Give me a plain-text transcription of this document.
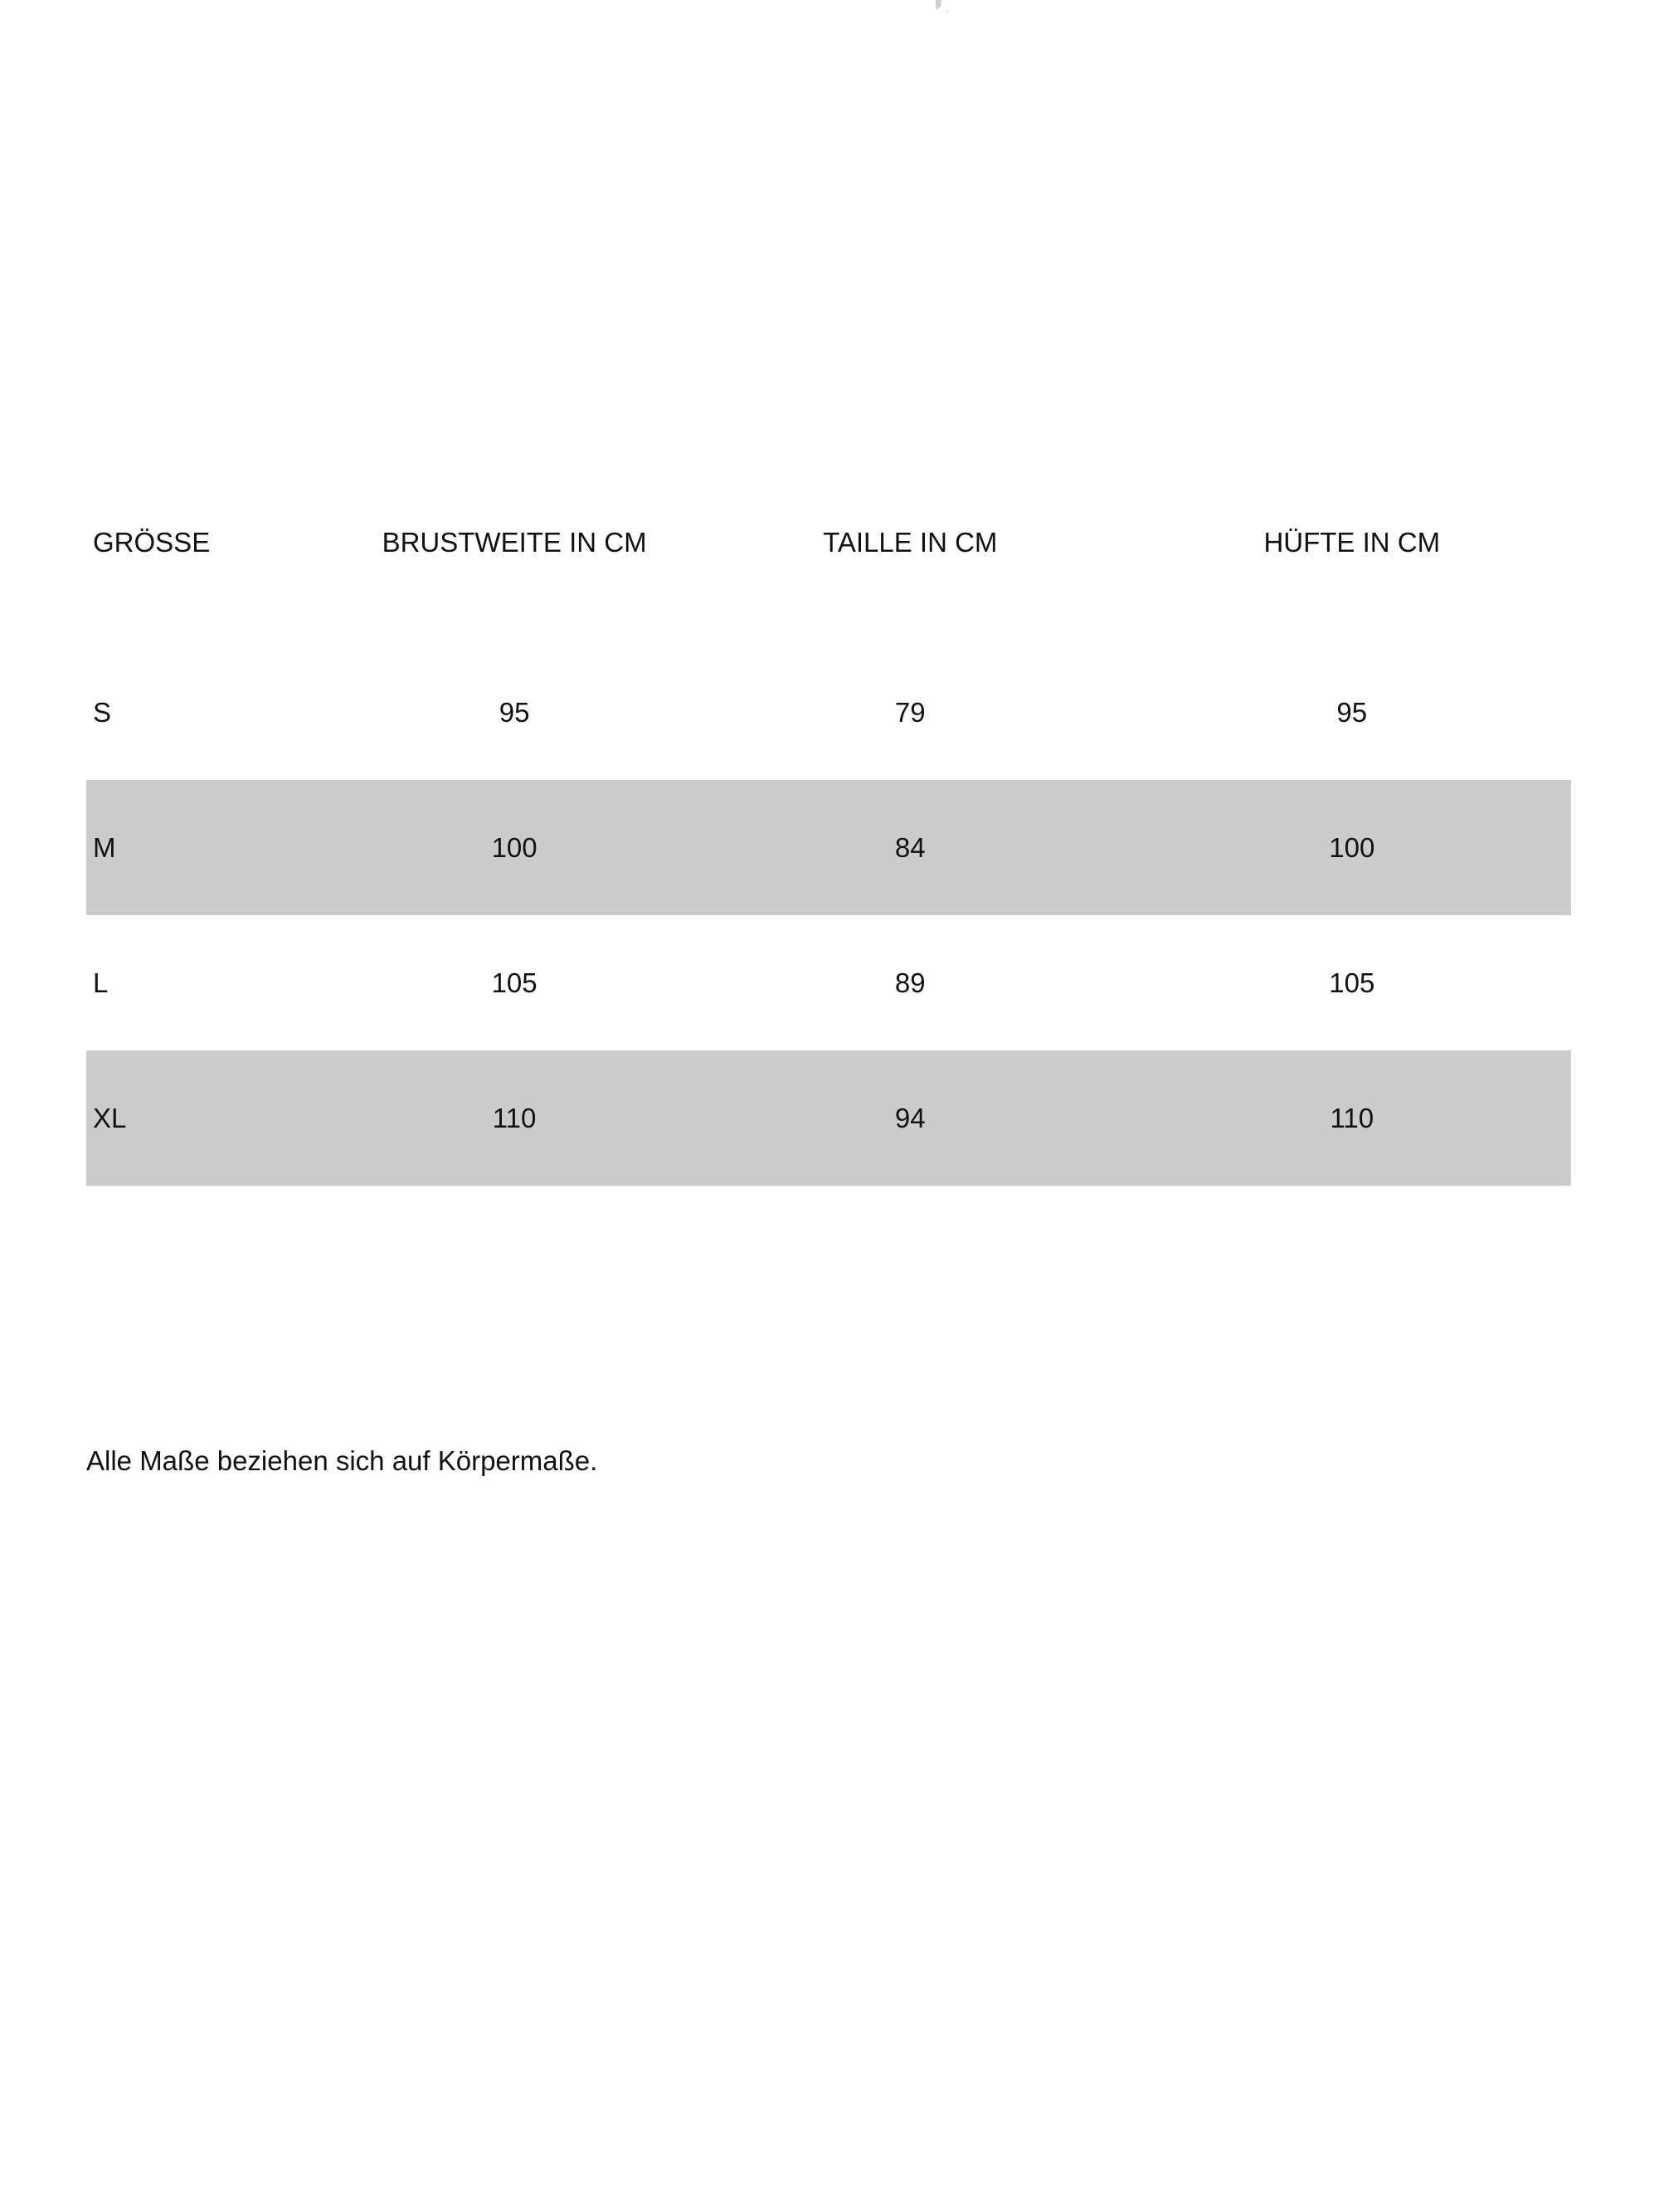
GRÖSSE	BRUSTWEITE IN CM	TAILLE IN CM	HÜFTE IN CM
S	95	79	95
M	100	84	100
L	105	89	105
XL	110	94	110
Alle Maße beziehen sich auf Körpermaße.
